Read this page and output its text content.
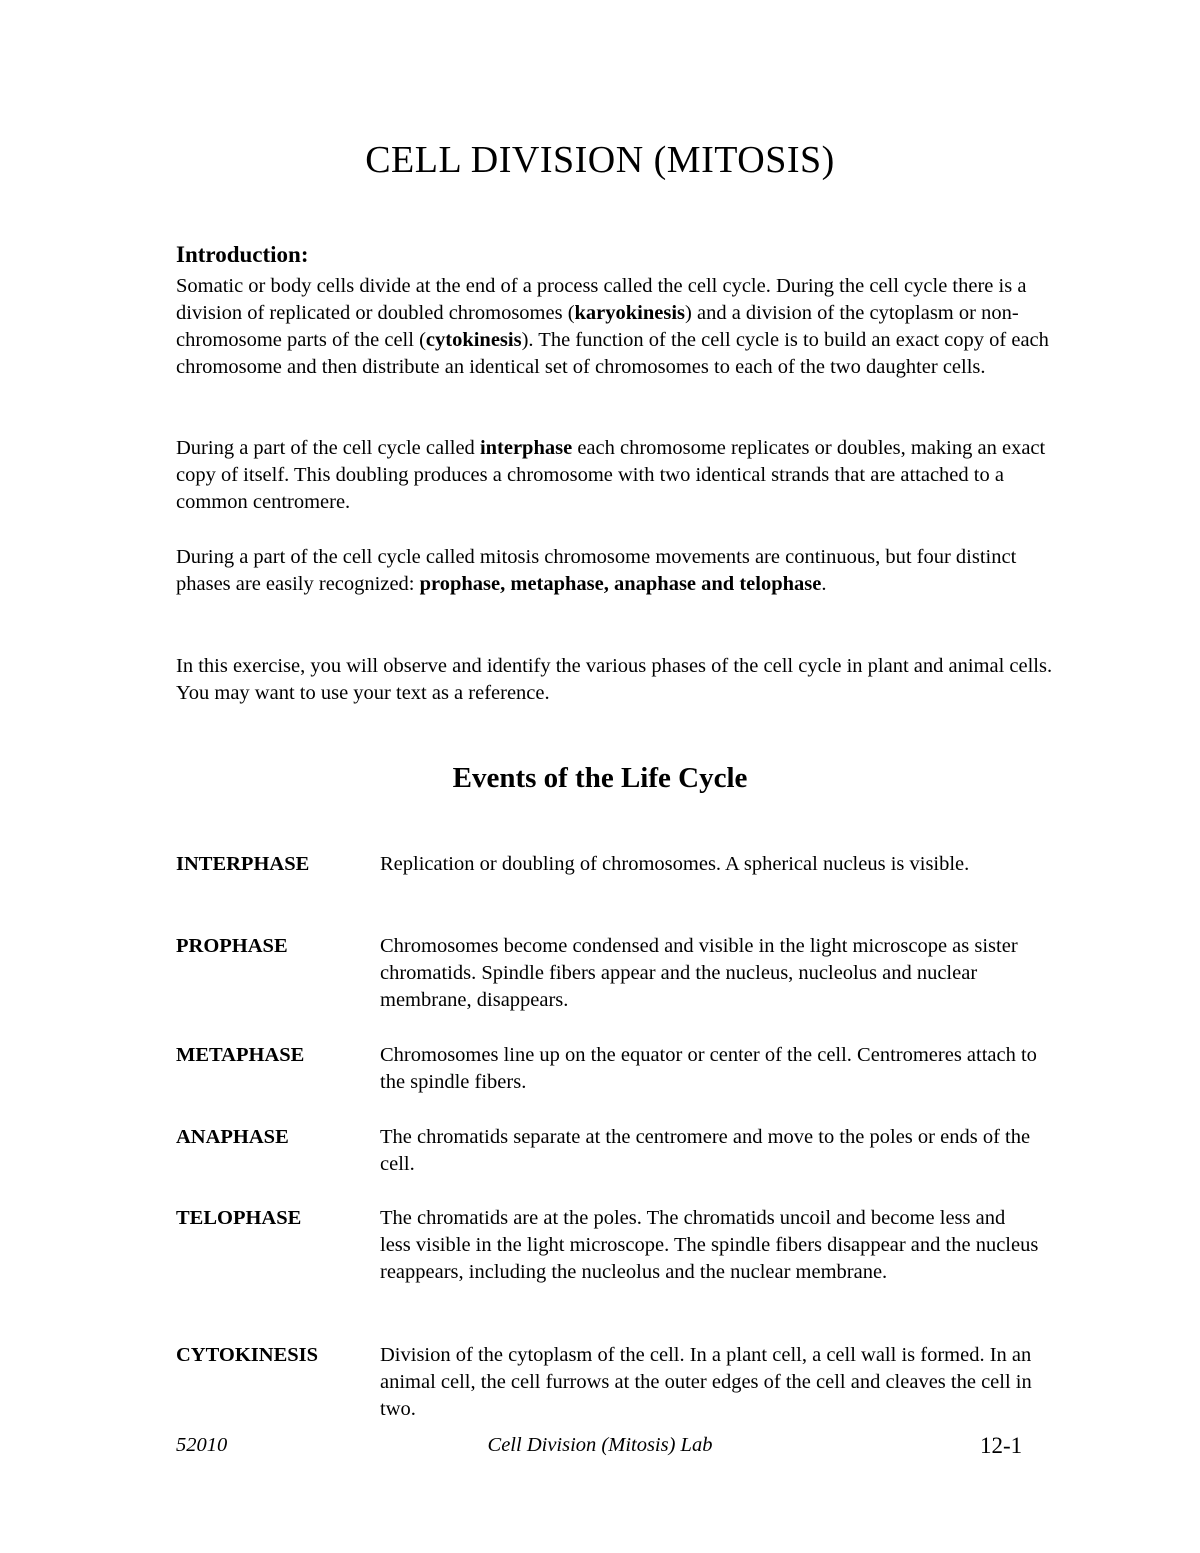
CELL DIVISION (MITOSIS)
Introduction:

Somatic or body cells divide at the end of a process called the cell cycle. During the cell cycle there is a division of replicated or doubled chromosomes (karyokinesis) and a division of the cytoplasm or non-chromosome parts of the cell (cytokinesis). The function of the cell cycle is to build an exact copy of each chromosome and then distribute an identical set of chromosomes to each of the two daughter cells.

During a part of the cell cycle called interphase each chromosome replicates or doubles, making an exact copy of itself. This doubling produces a chromosome with two identical strands that are attached to a common centromere.

During a part of the cell cycle called mitosis chromosome movements are continuous, but four distinct phases are easily recognized: prophase, metaphase, anaphase and telophase.

In this exercise, you will observe and identify the various phases of the cell cycle in plant and animal cells. You may want to use your text as a reference.

Events of the Life Cycle
INTERPHASE	Replication or doubling of chromosomes. A spherical nucleus is visible.
PROPHASE	Chromosomes become condensed and visible in the light microscope as sister chromatids. Spindle fibers appear and the nucleus, nucleolus and nuclear membrane, disappears.
METAPHASE	Chromosomes line up on the equator or center of the cell. Centromeres attach to the spindle fibers.
ANAPHASE	The chromatids separate at the centromere and move to the poles or ends of the cell.
TELOPHASE	The chromatids are at the poles. The chromatids uncoil and become less and less visible in the light microscope. The spindle fibers disappear and the nucleus reappears, including the nucleolus and the nuclear membrane.
CYTOKINESIS	Division of the cytoplasm of the cell. In a plant cell, a cell wall is formed. In an animal cell, the cell furrows at the outer edges of the cell and cleaves the cell in two.
52010	Cell Division (Mitosis) Lab	12-1
